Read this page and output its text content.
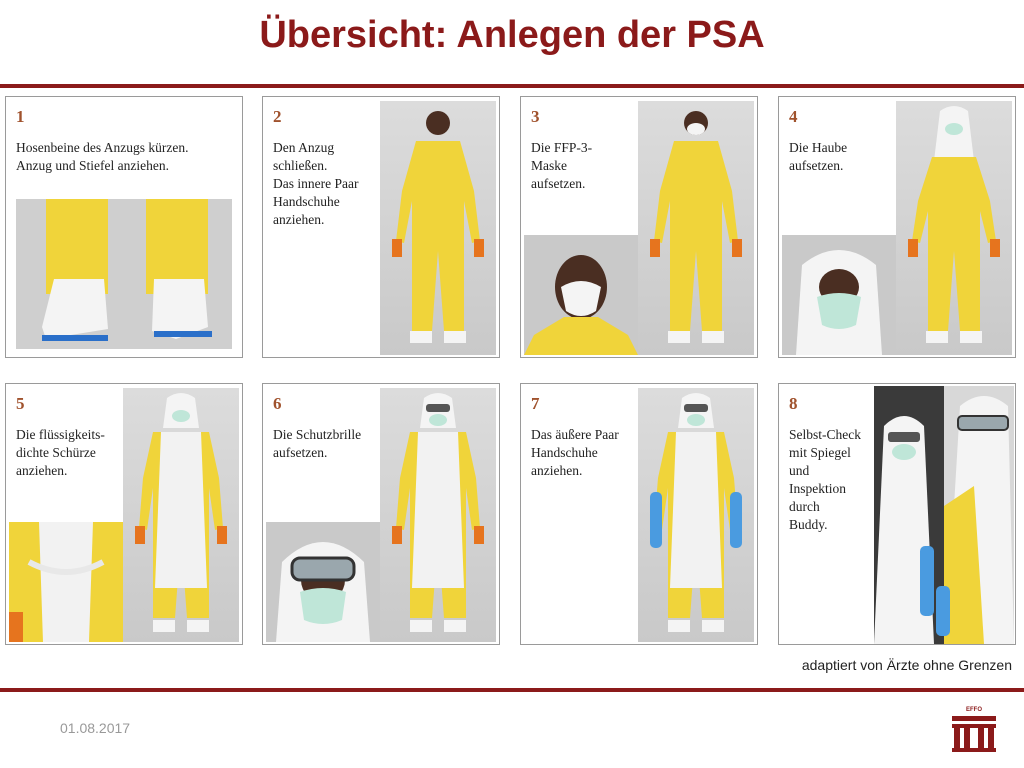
Übersicht: Anlegen der PSA
1
Hosenbeine des Anzugs kürzen.
Anzug und Stiefel anziehen.
2
Den Anzug
schließen.
Das innere Paar
Handschuhe
anziehen.
3
Die FFP-3-
Maske
aufsetzen.
4
Die Haube
aufsetzen.
5
Die flüssigkeits-
dichte Schürze
anziehen.
6
Die Schutzbrille
aufsetzen.
7
Das äußere Paar
Handschuhe
anziehen.
8
Selbst-Check
mit Spiegel
und
Inspektion
durch
Buddy.
adaptiert von Ärzte ohne Grenzen
01.08.2017
EFFO
